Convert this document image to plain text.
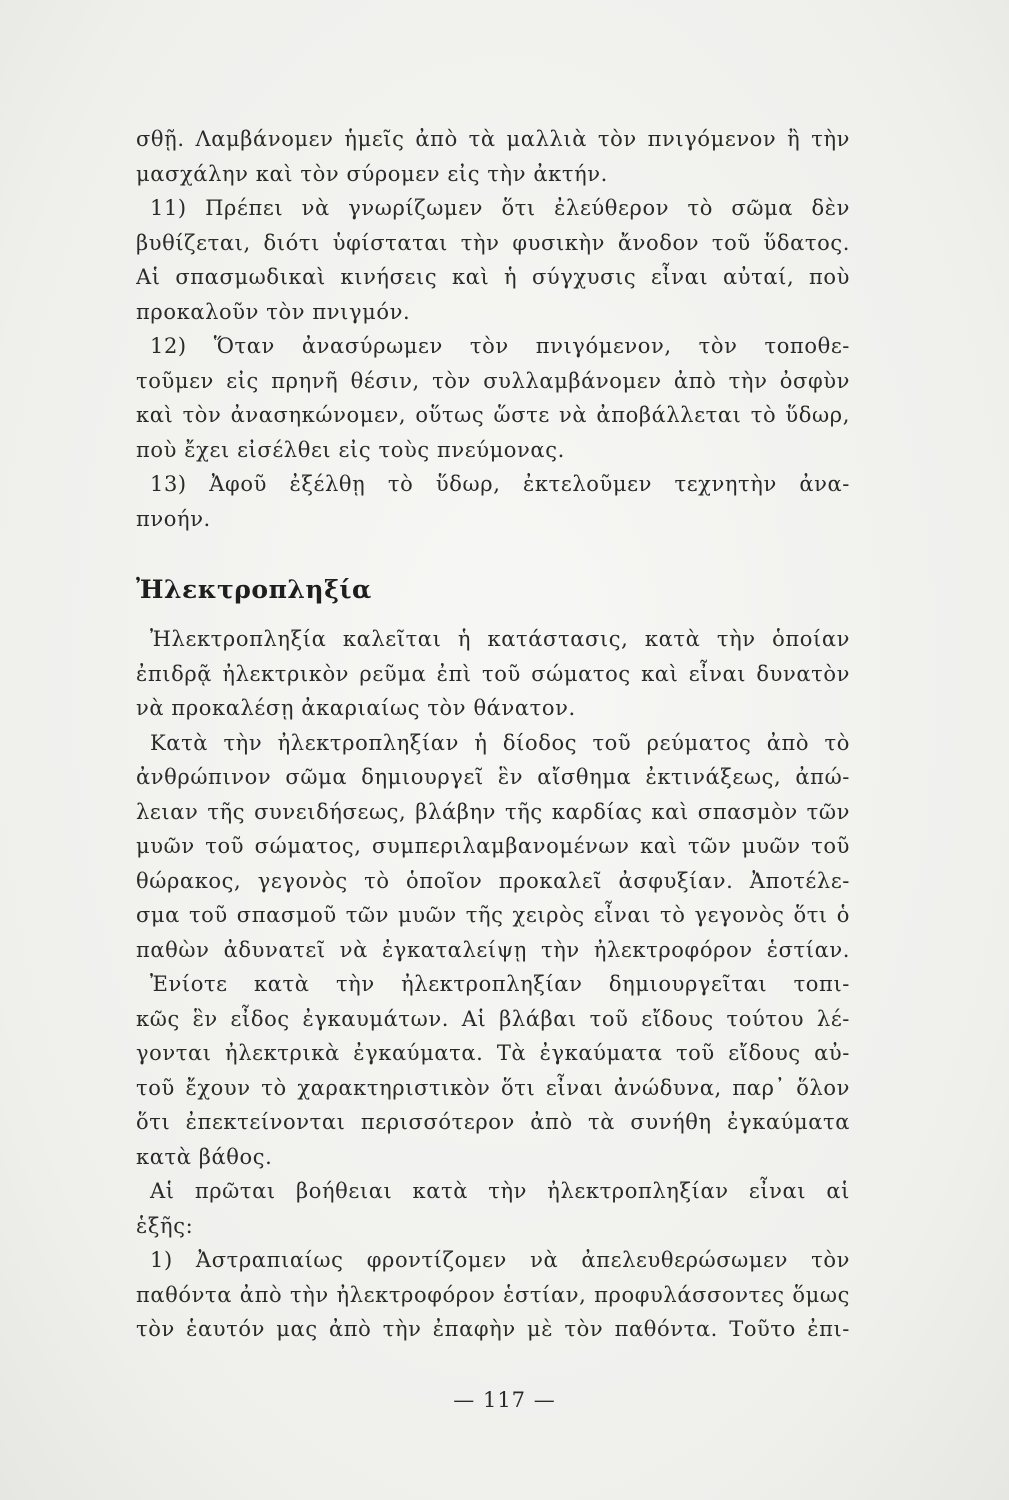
σθῇ. Λαμβάνομεν ἡμεῖς ἀπὸ τὰ μαλλιὰ τὸν πνιγόμενον ἢ τὴν
μασχάλην καὶ τὸν σύρομεν εἰς τὴν ἀκτήν.
11) Πρέπει νὰ γνωρίζωμεν ὅτι ἐλεύθερον τὸ σῶμα δὲν
βυθίζεται, διότι ὑφίσταται τὴν φυσικὴν ἄνοδον τοῦ ὕδατος.
Αἱ σπασμωδικαὶ κινήσεις καὶ ἡ σύγχυσις εἶναι αὐταί, ποὺ
προκαλοῦν τὸν πνιγμόν.
12) Ὅταν ἀνασύρωμεν τὸν πνιγόμενον, τὸν τοποθε-
τοῦμεν εἰς πρηνῆ θέσιν, τὸν συλλαμβάνομεν ἀπὸ τὴν ὀσφὺν
καὶ τὸν ἀνασηκώνομεν, οὕτως ὥστε νὰ ἀποβάλλεται τὸ ὕδωρ,
ποὺ ἔχει εἰσέλθει εἰς τοὺς πνεύμονας.
13) Ἀφοῦ ἐξέλθῃ τὸ ὕδωρ, ἐκτελοῦμεν τεχνητὴν ἀνα-
πνοήν.
Ἠλεκτροπληξία
Ἠλεκτροπληξία καλεῖται ἡ κατάστασις, κατὰ τὴν ὁποίαν
ἐπιδρᾷ ἠλεκτρικὸν ρεῦμα ἐπὶ τοῦ σώματος καὶ εἶναι δυνατὸν
νὰ προκαλέσῃ ἀκαριαίως τὸν θάνατον.
Κατὰ τὴν ἠλεκτροπληξίαν ἡ δίοδος τοῦ ρεύματος ἀπὸ τὸ
ἀνθρώπινον σῶμα δημιουργεῖ ἓν αἴσθημα ἐκτινάξεως, ἀπώ-
λειαν τῆς συνειδήσεως, βλάβην τῆς καρδίας καὶ σπασμὸν τῶν
μυῶν τοῦ σώματος, συμπεριλαμβανομένων καὶ τῶν μυῶν τοῦ
θώρακος, γεγονὸς τὸ ὁποῖον προκαλεῖ ἀσφυξίαν. Ἀποτέλε-
σμα τοῦ σπασμοῦ τῶν μυῶν τῆς χειρὸς εἶναι τὸ γεγονὸς ὅτι ὁ
παθὼν ἀδυνατεῖ νὰ ἐγκαταλείψῃ τὴν ἠλεκτροφόρον ἑστίαν.
Ἐνίοτε κατὰ τὴν ἠλεκτροπληξίαν δημιουργεῖται τοπι-
κῶς ἓν εἶδος ἐγκαυμάτων. Αἱ βλάβαι τοῦ εἴδους τούτου λέ-
γονται ἠλεκτρικὰ ἐγκαύματα. Τὰ ἐγκαύματα τοῦ εἴδους αὐ-
τοῦ ἔχουν τὸ χαρακτηριστικὸν ὅτι εἶναι ἀνώδυνα, παρ᾽ ὅλον
ὅτι ἐπεκτείνονται περισσότερον ἀπὸ τὰ συνήθη ἐγκαύματα
κατὰ βάθος.
Αἱ πρῶται βοήθειαι κατὰ τὴν ἠλεκτροπληξίαν εἶναι αἱ
ἑξῆς:
1) Ἀστραπιαίως φροντίζομεν νὰ ἀπελευθερώσωμεν τὸν
παθόντα ἀπὸ τὴν ἠλεκτροφόρον ἑστίαν, προφυλάσσοντες ὅμως
τὸν ἑαυτόν μας ἀπὸ τὴν ἐπαφὴν μὲ τὸν παθόντα. Τοῦτο ἐπι-
— 117 —
